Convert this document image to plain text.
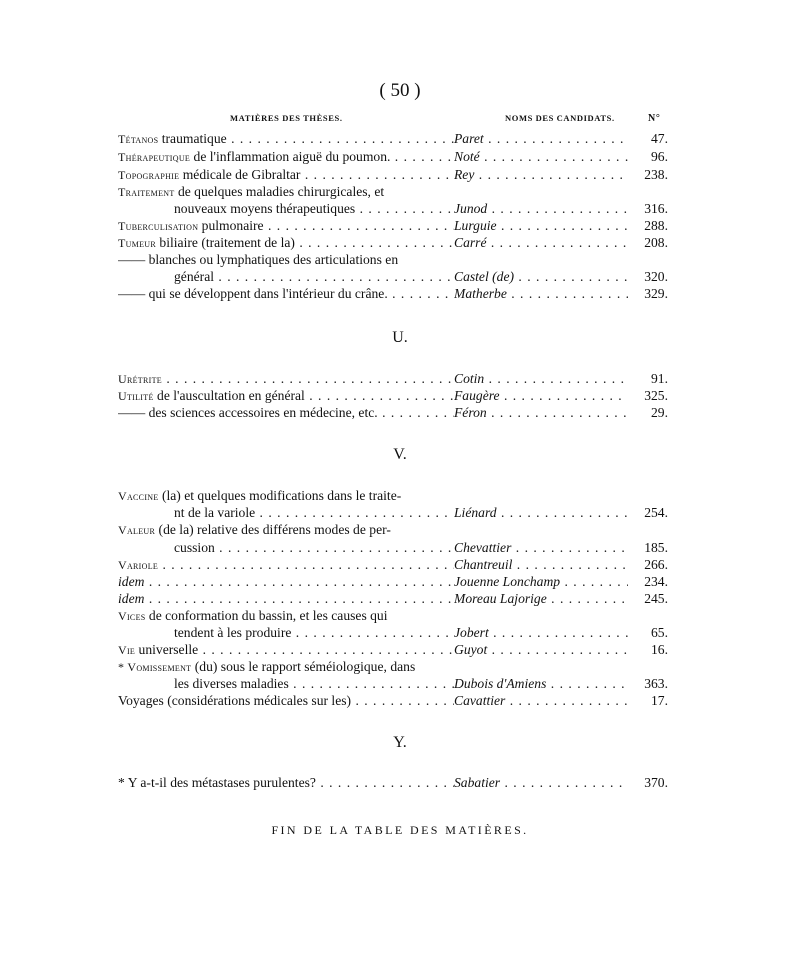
( 50 )
MATIÈRES DES THÈSES.	NOMS DES CANDIDATS.	N°
Tétanos traumatique . . .	Paret . . .	47.
Thérapeutique de l'inflammation aiguë du poumon. . . .	Noté . . .	96.
Topographie médicale de Gibraltar . . .	Rey . . .	238.
Traitement de quelques maladies chirurgicales, et
nouveaux moyens thérapeutiques . . .	Junod . . .	316.
Tuberculisation pulmonaire . . .	Lurguie . . .	288.
Tumeur biliaire (traitement de la) . . .	Carré . . .	208.
—— blanches ou lymphatiques des articulations en
général . . .	Castel (de) . . .	320.
—— qui se développent dans l'intérieur du crâne. . . .	Matherbe . . .	329.
U.
Urétrite . . .	Cotin . . .	91.
Utilité de l'auscultation en général . . .	Faugère . . .	325.
—— des sciences accessoires en médecine, etc. . . .	Féron . . .	29.
V.
Vaccine (la) et quelques modifications dans le traite-
nt de la variole . . .	Liénard . . .	254.
Valeur (de la) relative des différens modes de per-
cussion . . .	Chevattier . . .	185.
Variole . . .	Chantreuil . . .	266.
idem . . .	Jouenne Lonchamp . . .	234.
idem . . .	Moreau Lajorige . . .	245.
Vices de conformation du bassin, et les causes qui
tendent à les produire . . .	Jobert . . .	65.
Vie universelle . . .	Guyot . . .	16.
* Vomissement (du) sous le rapport séméiologique, dans
les diverses maladies . . .	Dubois d'Amiens . . .	363.
Voyages (considérations médicales sur les) . . .	Cavattier . . .	17.
Y.
* Y a-t-il des métastases purulentes? . . .	Sabatier . . .	370.
FIN DE LA TABLE DES MATIÈRES.
